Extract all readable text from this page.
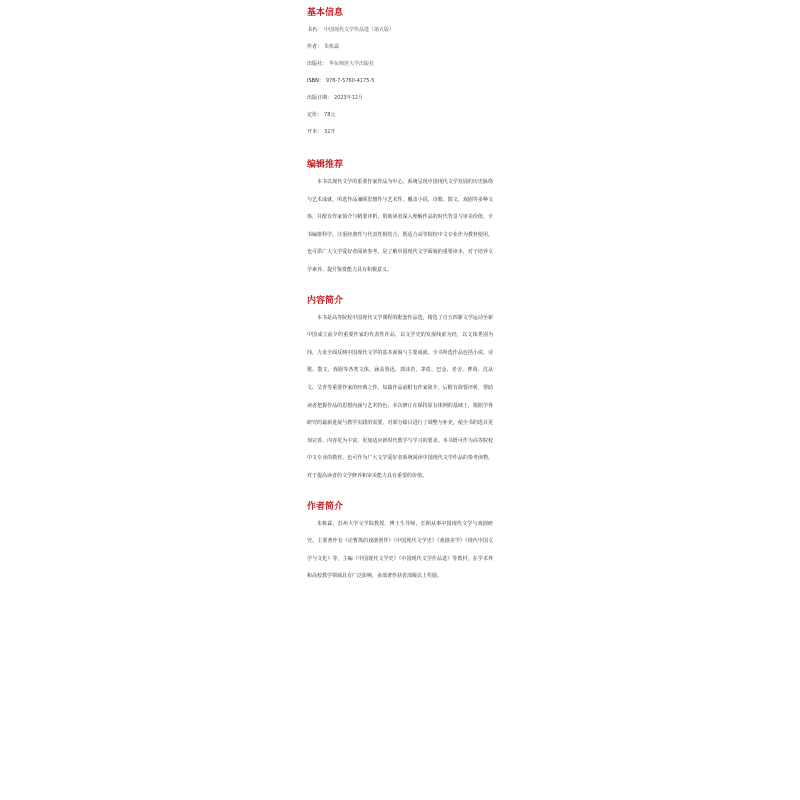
基本信息
书名： 中国现代文学作品选（第五版）
作者： 朱栋霖
出版社： 华东师范大学出版社
ISBN： 978-7-5760-4175-5
出版日期： 2023年12月
定价： 78元
开本： 32开
编辑推荐

本书以现代文学的重要作家作品为中心，系统呈现中国现代文学发展的历史脉络与艺术成就。所选作品兼顾思想性与艺术性，覆盖小说、诗歌、散文、戏剧等多种文体，并配有作家简介与精要评析，帮助读者深入理解作品的时代背景与审美价值。全书编排科学，注重经典性与代表性相结合，既适合高等院校中文专业作为教材使用，也可供广大文学爱好者阅读参考，是了解中国现代文学面貌的重要读本，对于培养文学素养、提升鉴赏能力具有积极意义。

内容简介

本书是高等院校中国现代文学课程的配套作品选，精选了自五四新文学运动至新中国成立前夕的重要作家的代表性作品，以文学史的发展线索为经，以文体类别为纬，力求全面反映中国现代文学的基本面貌与主要成就。全书所选作品包括小说、诗歌、散文、戏剧等各类文体，涵盖鲁迅、郭沫若、茅盾、巴金、老舍、曹禺、沈从文、艾青等重要作家的经典之作。每篇作品前附有作家简介，后附有简要评析，帮助读者把握作品的思想内涵与艺术特色。本次修订在保持原有体例的基础上，根据学界研究的最新进展与教学实践的需要，对部分篇目进行了调整与补充，使全书的选目更加完善，内容更为丰富，更加适应新时代教学与学习的要求。本书既可作为高等院校中文专业的教材，也可作为广大文学爱好者系统阅读中国现代文学作品的参考读物，对于提高读者的文学修养和审美能力具有重要的价值。

作者简介

朱栋霖，苏州大学文学院教授、博士生导师，长期从事中国现代文学与戏剧研究。主要著作有《论曹禺的戏剧创作》《中国现代文学史》《戏剧美学》《现代中国文学与文化》等，主编《中国现代文学史》《中国现代文学作品选》等教材，在学术界和高校教学领域具有广泛影响，多部著作获省部级以上奖励。
